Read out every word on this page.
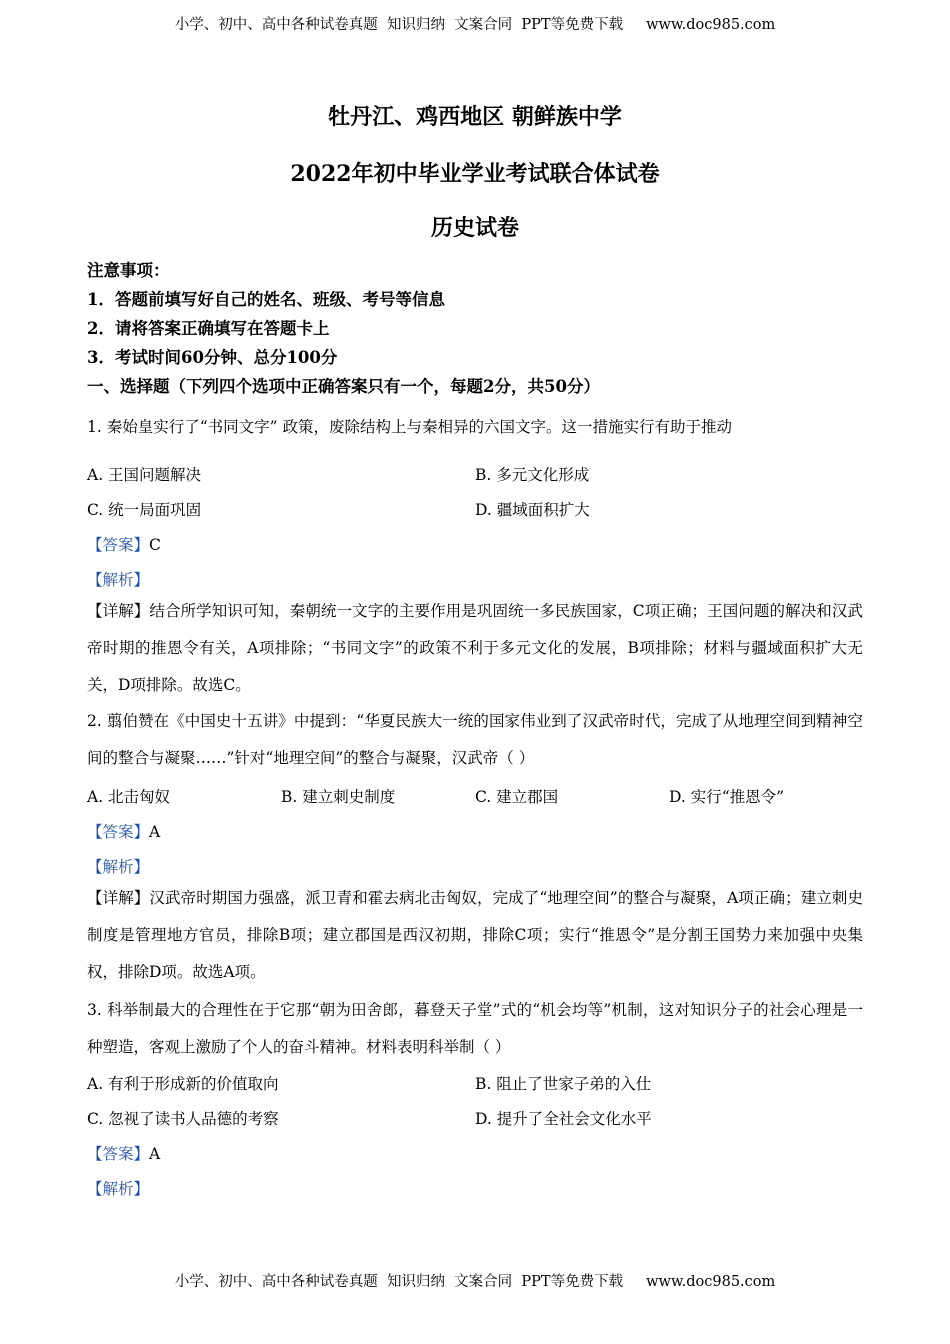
小学、初中、高中各种试卷真题  知识归纳  文案合同  PPT等免费下载     www.doc985.com
牡丹江、鸡西地区 朝鲜族中学
2022年初中毕业学业考试联合体试卷
历史试卷
注意事项：
1．答题前填写好自己的姓名、班级、考号等信息
2．请将答案正确填写在答题卡上
3．考试时间60分钟、总分100分
一、选择题（下列四个选项中正确答案只有一个，每题2分，共50分）
1. 秦始皇实行了“书同文字” 政策，废除结构上与秦相异的六国文字。这一措施实行有助于推动
A. 王国问题解决	B. 多元文化形成
C. 统一局面巩固	D. 疆域面积扩大
【答案】C
【解析】
【详解】结合所学知识可知，秦朝统一文字的主要作用是巩固统一多民族国家，C项正确；王国问题的解决和汉武帝时期的推恩令有关，A项排除；“书同文字”的政策不利于多元文化的发展，B项排除；材料与疆域面积扩大无关，D项排除。故选C。
2. 翦伯赞在《中国史十五讲》中提到：“华夏民族大一统的国家伟业到了汉武帝时代，完成了从地理空间到精神空间的整合与凝聚……”针对“地理空间”的整合与凝聚，汉武帝（ ）
A. 北击匈奴	B. 建立刺史制度	C. 建立郡国	D. 实行“推恩令”
【答案】A
【解析】
【详解】汉武帝时期国力强盛，派卫青和霍去病北击匈奴，完成了“地理空间”的整合与凝聚，A项正确；建立刺史制度是管理地方官员，排除B项；建立郡国是西汉初期，排除C项；实行“推恩令”是分割王国势力来加强中央集权，排除D项。故选A项。
3. 科举制最大的合理性在于它那“朝为田舍郎，暮登天子堂”式的“机会均等”机制，这对知识分子的社会心理是一种塑造，客观上激励了个人的奋斗精神。材料表明科举制（ ）
A. 有利于形成新的价值取向	B. 阻止了世家子弟的入仕
C. 忽视了读书人品德的考察	D. 提升了全社会文化水平
【答案】A
【解析】
小学、初中、高中各种试卷真题  知识归纳  文案合同  PPT等免费下载     www.doc985.com
